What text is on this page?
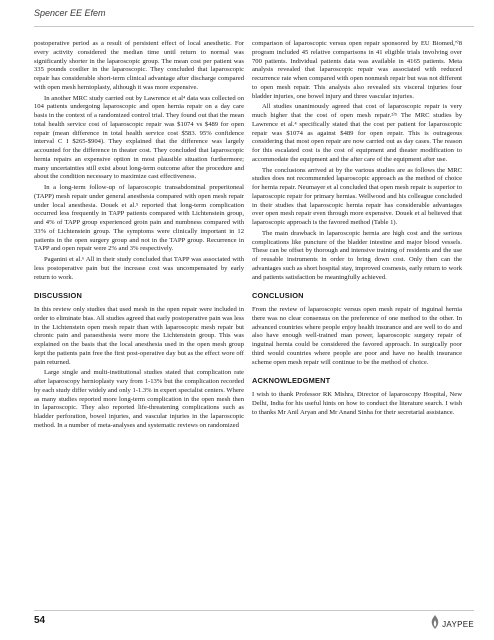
Spencer EE Efem

postoperative period as a result of persistent effect of local anesthetic. For every activity considered the median time until return to normal was significantly shorter in the laparoscopic group. The mean cost per patient was 335 pounds costlier in the laparoscopic. They concluded that laparoscopic repair has considerable short-term clinical advantage after discharge compared with open mesh hernioplasty, although it was more expensive.

In another MRC study carried out by Lawrence et al⁴ data was collected on 104 patients undergoing laparoscopic and open hernia repair on a day care basis in the context of a randomized control trial. They found out that the mean total health service cost of laparoscopic repair was $1074 vs $489 for open repair (mean difference in total health service cost $583. 95% confidence interval C I $265-$904). They explained that the difference was largely accounted for the difference in theater cost. They concluded that laparoscopic hernia repairs an expensive option in most plausible situation furthermore; many uncertainties still exist about long-term outcome after the procedure and about the condition necessary to maximize cast effectiveness.

In a long-term follow-up of laparoscopic transabdominal preperitoneal (TAPP) mesh repair under general anesthesia compared with open mesh repair under local anesthesia. Douek et al.⁵ reported that long-term complication occurred less frequently in TAPP patients compared with Lichtenstein group, and 4% of TAPP group experienced groin pain and numbness compared with 33% of Lichtenstein group. The symptoms were clinically important in 12 patients in the open surgery group and not in the TAPP group. Recurrence in TAPP and open repair were 2% and 3% respectively.

Paganini et al.⁶ All in their study concluded that TAPP was associated with less postoperative pain but the increase cost was uncompensated by early return to work.

DISCUSSION

In this review only studies that used mesh in the open repair were included in order to eliminate bias. All studies agreed that early postoperative pain was less in the Lichtenstein open mesh repair than with laparoscopic mesh repair but chronic pain and paraesthesia were more the Lichtenstein group. This was explained on the basis that the local anesthesia used in the open mesh group kept the patients pain free the first post-operative day but as the effect wore off pain returned.

Large single and multi-institutional studies stated that complication rate after laparoscopy hernioplasty vary from 1-13% but the complication recorded by each study differ widely and only 1-1.3% in expert specialist centers. Where as many studies reported more long-term complication in the open mesh then in laparoscopic. They also reported life-threatening complications such as bladder perforation, bowel injuries, and vascular injuries in the laparoscopic method. In a number of meta-analyses and systematic reviews on randomized

comparison of laparoscopic versus open repair sponsored by EU Biomed,⁷ˀ8 program included 45 relative comparisons in 41 eligible trials involving over 700 patients. Individual patients data was available in 4165 patients. Meta analysis revealed that laparoscopic repair was associated with reduced recurrence rate when compared with open nonmesh repair but was not different to open mesh repair. This analysis also revealed six visceral injuries four bladder injuries, one bowel injury and three vascular injuries.

All studies unanimously agreed that cost of laparoscopic repair is very much higher that the cost of open mesh repair.²ˀ⁵ The MRC studies by Lawrence et al.⁴ specifically stated that the cost per patient for laparoscopic repair was $1074 as against $489 for open repair. This is outrageous considering that most open repair are now carried out as day cases. The reason for this escalated cost is the cost of equipment and theater modification to accommodate the equipment and the after care of the equipment after use.

The conclusions arrived at by the various studies are as follows the MRC studies does not recommended laparoscopic approach as the method of choice for hernia repair. Neumayer et al concluded that open mesh repair is superior to laparoscopic repair for primary hernias. Wellwood and his colleague concluded in their studies that laparoscopic hernia repair has considerable advantages over open mesh repair even through more expensive. Douek et al believed that laparoscopic approach is the favored method (Table 1).

The main drawback in laparoscopic hernia are high cost and the serious complications like puncture of the bladder intestine and major blood vessels. These can be offset by thorough and intensive training of residents and the use of reusable instruments in order to bring down cost. Only then can the advantages such as short hospital stay, improved cosmesis, early return to work and patients satisfaction be meaningfully achieved.

CONCLUSION

From the review of laparoscopic versus open mesh repair of inguinal hernia there was no clear consensus on the preference of one method to the other. In advanced countries where people enjoy health insurance and are well to do and also have enough well-trained man power, laparoscopic surgery repair of inguinal hernia could be considered the favored approach. In surgically poor third would countries where people are poor and have no health insurance scheme open mesh repair will continue to be the method of choice.

ACKNOWLEDGMENT

I wish to thank Professor RK Mishra, Director of laparoscopy Hospital, New Delhi, India for his useful hints on how to conduct the literature search. I wish to thanks Mr Anil Aryan and Mr Anand Sinha for their secretarial assistance.

54	JAYPEE
